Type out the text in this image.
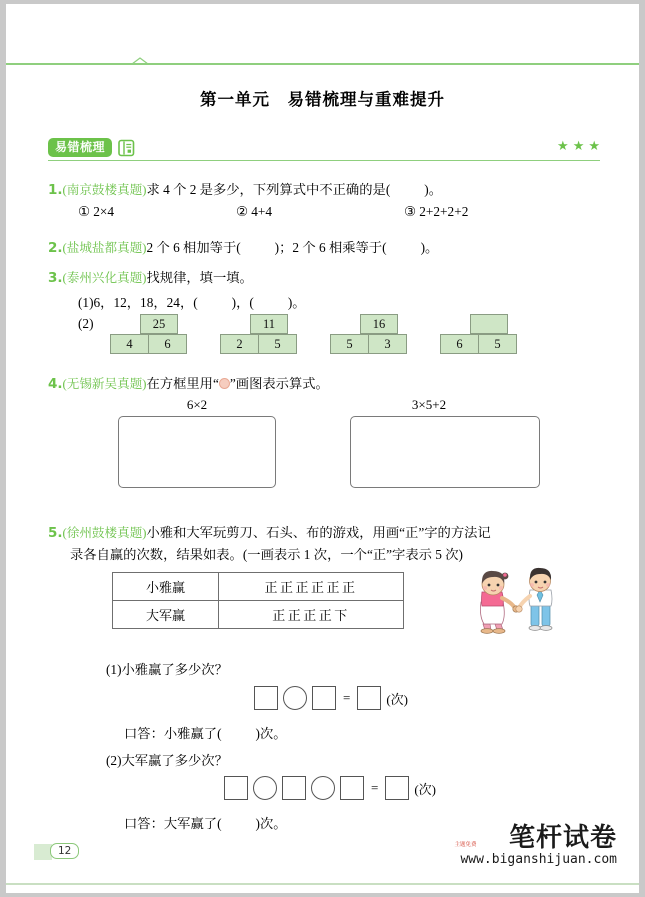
第一单元　易错梳理与重难提升
易错梳理	★ ★ ★
1.(南京鼓楼真题)求 4 个 2 是多少，下列算式中不正确的是(	)。
① 2×4	② 4+4	③ 2+2+2+2
2.(盐城盐都真题)2 个 6 相加等于(	)；2 个 6 相乘等于(	)。
3.(泰州兴化真题)找规律，填一填。
(1)6，12，18，24，(	)，(	)。
(2)	25
4	6
11
2	5
16
5	3	6	5
4.(无锡新吴真题)在方框里用“ ”画图表示算式。
6×2	3×5+2
5.(徐州鼓楼真题)小雅和大军玩剪刀、石头、布的游戏，用画“正”字的方法记
录各自赢的次数，结果如表。(一画表示 1 次，一个“正”字表示 5 次)
小雅赢	正正正正正正
大军赢	正正正正下
(1)小雅赢了多少次？
=	(次)
口答：小雅赢了(	)次。
(2)大军赢了多少次？
=	(次)
口答：大军赢了(	)次。
12	笔杆试卷
主题免费
www.biganshijuan.com
